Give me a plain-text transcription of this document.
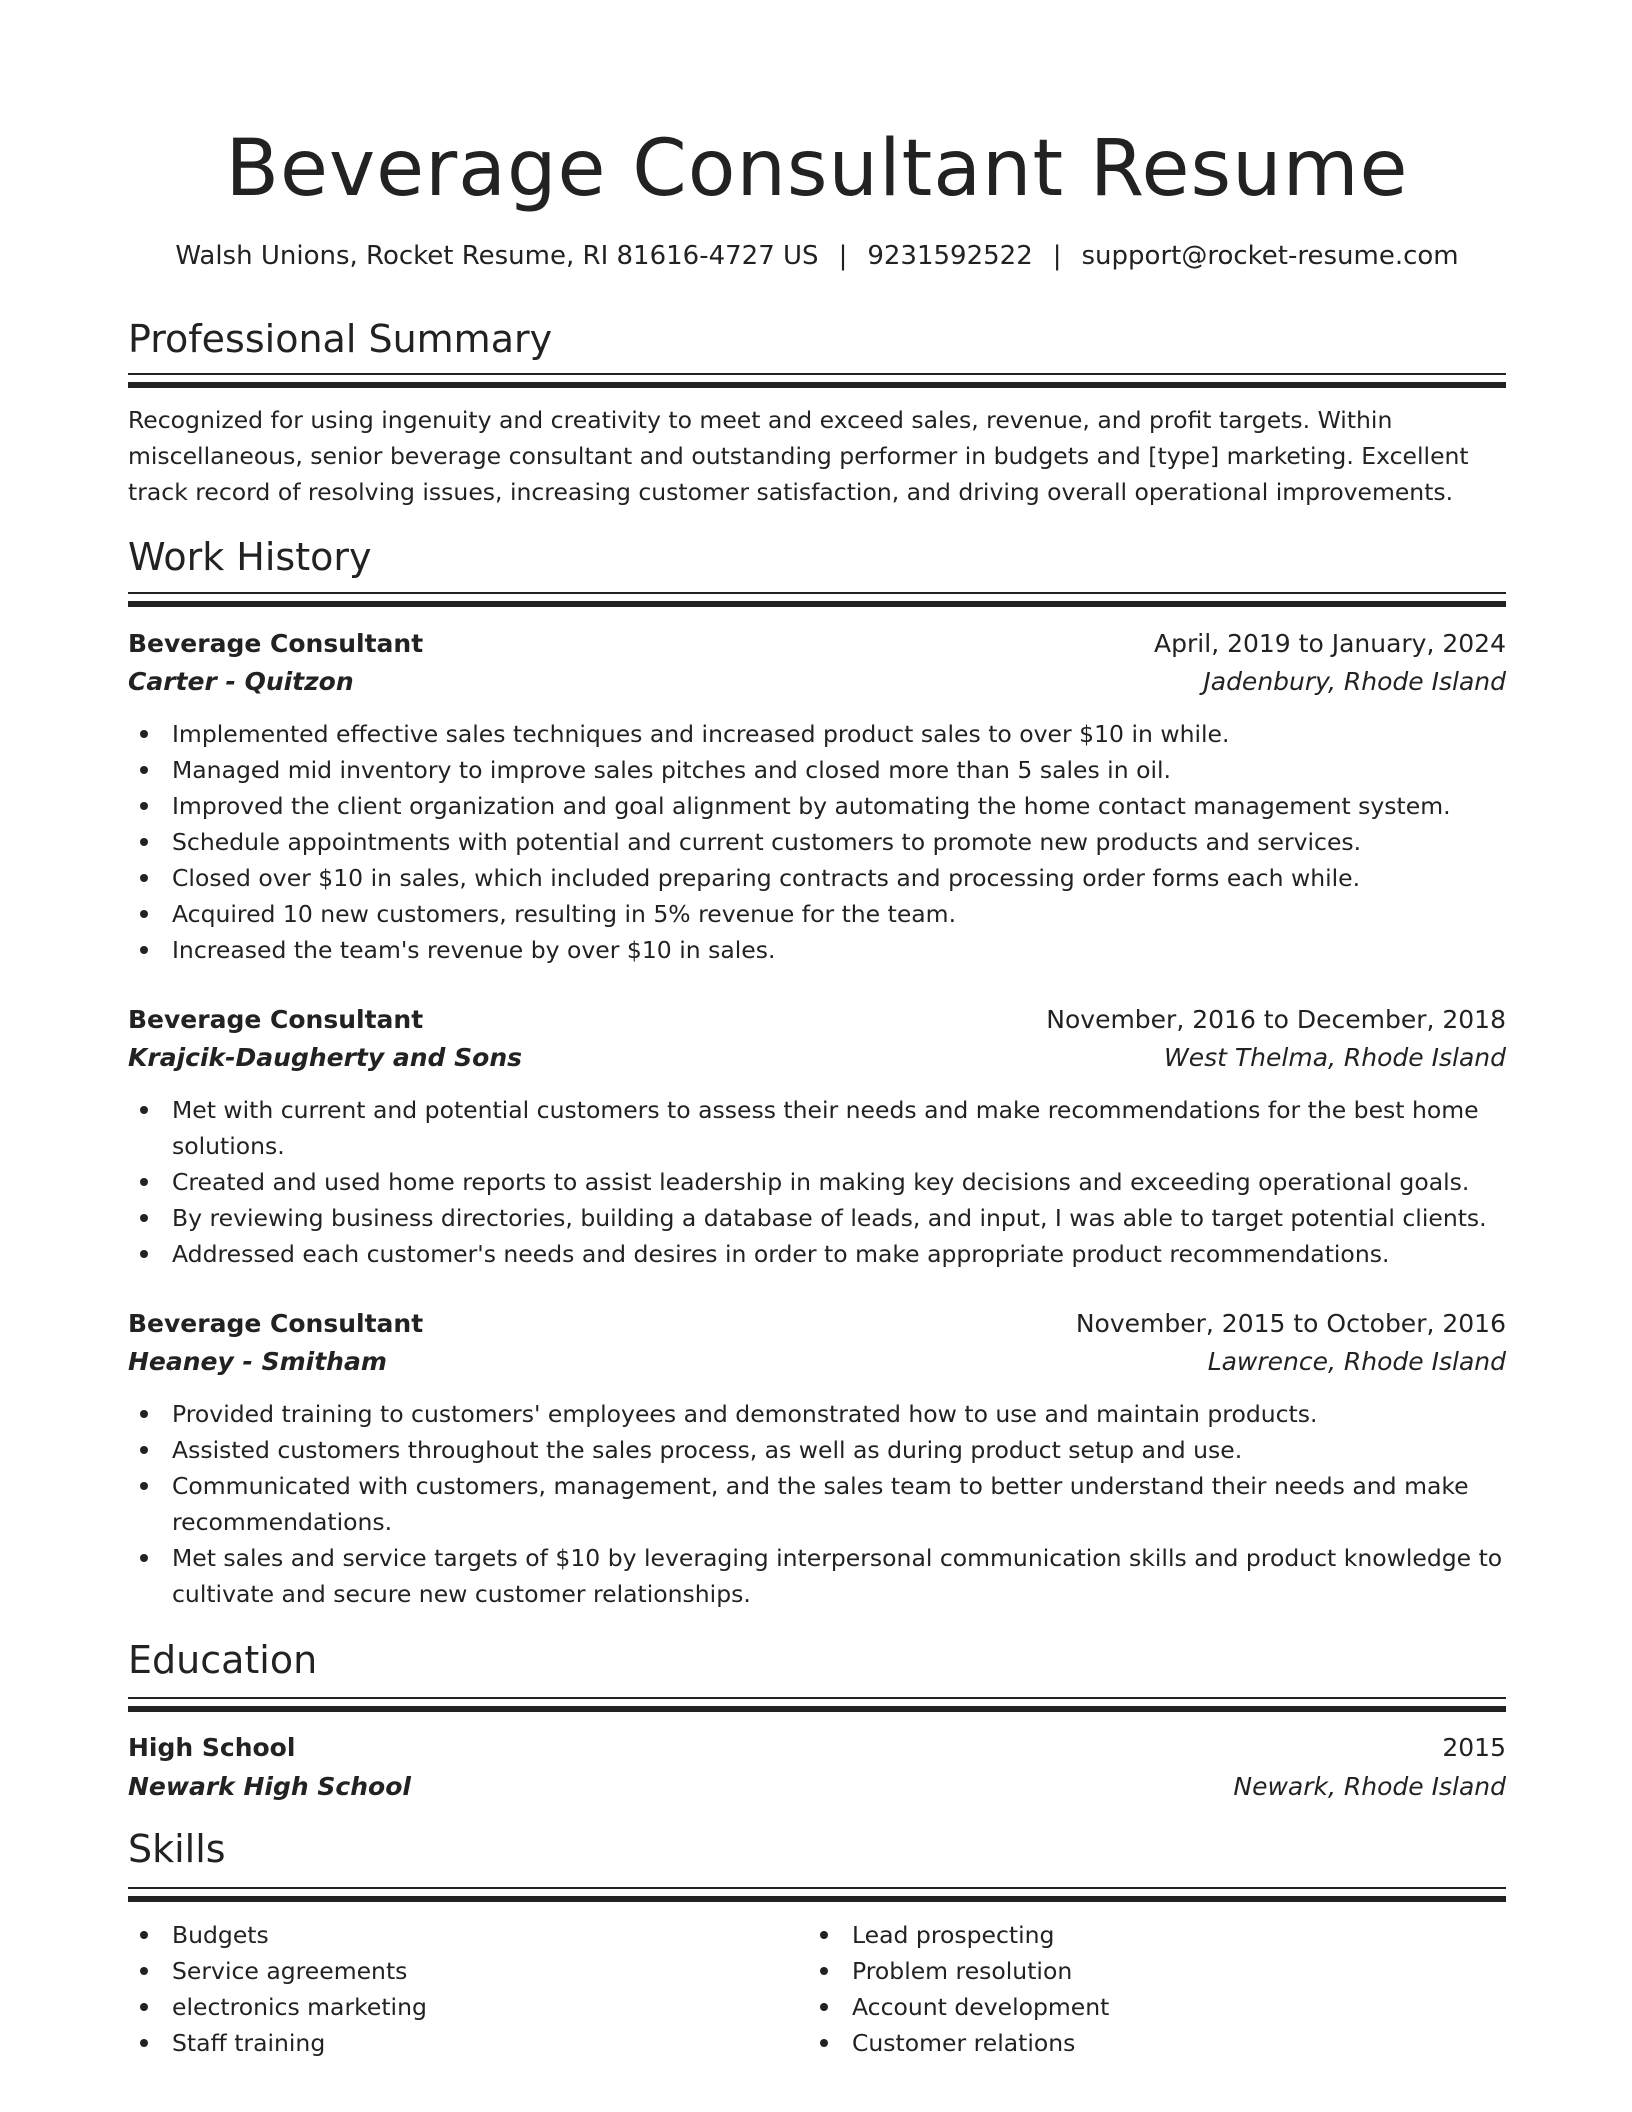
Beverage Consultant Resume
Walsh Unions, Rocket Resume, RI 81616-4727 US | 9231592522 | support@rocket-resume.com
Professional Summary

Recognized for using ingenuity and creativity to meet and exceed sales, revenue, and profit targets. Within miscellaneous, senior beverage consultant and outstanding performer in budgets and [type] marketing. Excellent track record of resolving issues, increasing customer satisfaction, and driving overall operational improvements.

Work History
Beverage Consultant	April, 2019 to January, 2024
Carter - Quitzon	Jadenbury, Rhode Island
Implemented effective sales techniques and increased product sales to over $10 in while.
Managed mid inventory to improve sales pitches and closed more than 5 sales in oil.
Improved the client organization and goal alignment by automating the home contact management system.
Schedule appointments with potential and current customers to promote new products and services.
Closed over $10 in sales, which included preparing contracts and processing order forms each while.
Acquired 10 new customers, resulting in 5% revenue for the team.
Increased the team's revenue by over $10 in sales.
Beverage Consultant	November, 2016 to December, 2018
Krajcik-Daugherty and Sons	West Thelma, Rhode Island
Met with current and potential customers to assess their needs and make recommendations for the best home solutions.
Created and used home reports to assist leadership in making key decisions and exceeding operational goals.
By reviewing business directories, building a database of leads, and input, I was able to target potential clients.
Addressed each customer's needs and desires in order to make appropriate product recommendations.
Beverage Consultant	November, 2015 to October, 2016
Heaney - Smitham	Lawrence, Rhode Island
Provided training to customers' employees and demonstrated how to use and maintain products.
Assisted customers throughout the sales process, as well as during product setup and use.
Communicated with customers, management, and the sales team to better understand their needs and make recommendations.
Met sales and service targets of $10 by leveraging interpersonal communication skills and product knowledge to cultivate and secure new customer relationships.
Education
High School	2015
Newark High School	Newark, Rhode Island
Skills
Budgets
Service agreements
electronics marketing
Staff training
Lead prospecting
Problem resolution
Account development
Customer relations
